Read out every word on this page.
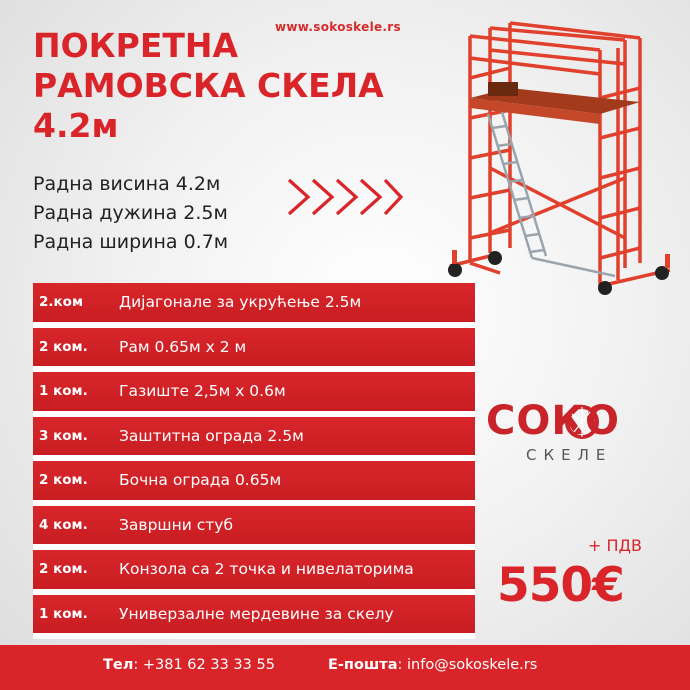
www.sokoskele.rs
ПОКРЕТНА
РАМОВСКА СКЕЛА
4.2м
Радна висина 4.2м
Радна дужина 2.5м
Радна ширина 0.7м
2.ком	Дијагонале за укрућење 2.5м
2 ком.	Рам 0.65м x 2 м
1 ком.	Газиште 2,5м x 0.6м
3 ком.	Заштитна ограда 2.5м
2 ком.	Бочна ограда 0.65м
4 ком.	Завршни стуб
2 ком.	Конзола са 2 точка и нивелаторима
1 ком.	Универзалне мердевине за скелу
СОКО
СКЕЛЕ
+ ПДВ
550€
Тел: +381 62 33 33 55	E-пошта: info@sokoskele.rs
